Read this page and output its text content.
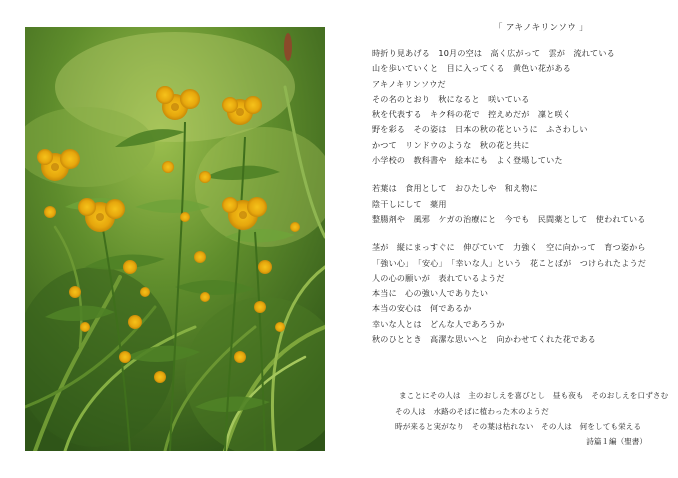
「 アキノキリンソウ 」
時折り見あげる　10月の空は　高く広がって　雲が　流れている
山を歩いていくと　目に入ってくる　黄色い花がある
アキノキリンソウだ
その名のとおり　秋になると　咲いている
秋を代表する　キク科の花で　控えめだが　凜と咲く
野を彩る　その姿は　日本の秋の花というに　ふさわしい
かつて　リンドウのような　秋の花と共に
小学校の　教科書や　絵本にも　よく登場していた
若葉は　食用として　おひたしや　和え物に
陰干しにして　薬用
整腸剤や　風邪　ケガの治療にと　今でも　民間薬として　使われている
茎が　縦にまっすぐに　伸びていて　力強く　空に向かって　育つ姿から
「強い心」　「安心」　「幸いな人」という　花ことばが　つけられたようだ
人の心の願いが　表れているようだ
本当に　心の強い人でありたい
本当の安心は　何であるか
幸いな人とは　どんな人であろうか
秋のひととき　高潔な思いへと　向かわせてくれた花である
まことにその人は　主のおしえを喜びとし　昼も夜も　そのおしえを口ずさむ
その人は　水路のそばに植わった木のようだ
時が来ると実がなり　その葉は枯れない　その人は　何をしても栄える
詩篇１編（聖書）
